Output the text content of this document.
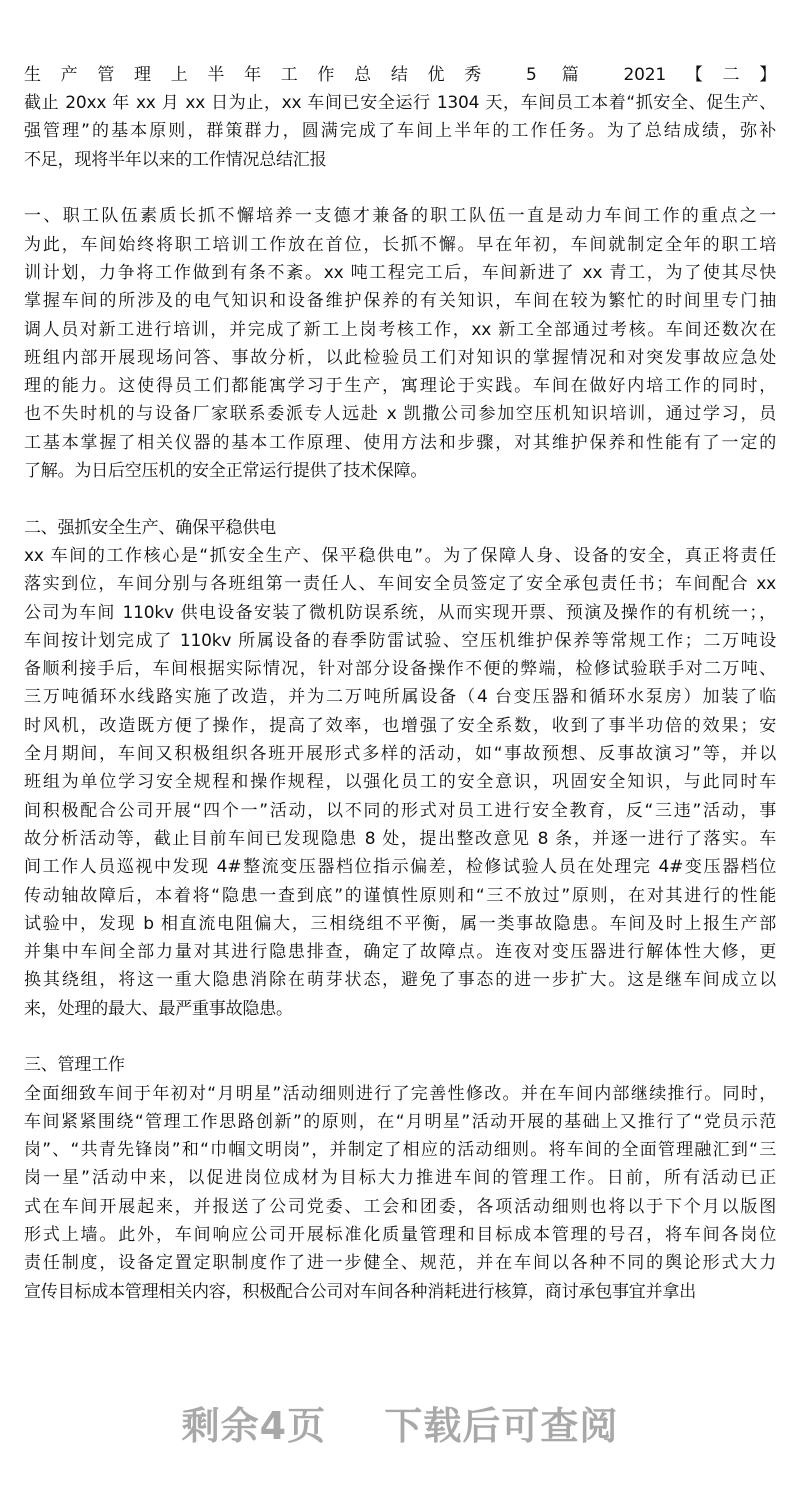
生产管理上半年工作总结优秀 5 篇 2021【二】
截止 20xx 年 xx 月 xx 日为止，xx 车间已安全运行 1304 天，车间员工本着“抓安全、促生产、
强管理”的基本原则，群策群力，圆满完成了车间上半年的工作任务。为了总结成绩，弥补
不足，现将半年以来的工作情况总结汇报
一、职工队伍素质长抓不懈培养一支德才兼备的职工队伍一直是动力车间工作的重点之一
为此，车间始终将职工培训工作放在首位，长抓不懈。早在年初，车间就制定全年的职工培
训计划，力争将工作做到有条不紊。xx 吨工程完工后，车间新进了 xx 青工，为了使其尽快
掌握车间的所涉及的电气知识和设备维护保养的有关知识，车间在较为繁忙的时间里专门抽
调人员对新工进行培训，并完成了新工上岗考核工作，xx 新工全部通过考核。车间还数次在
班组内部开展现场问答、事故分析，以此检验员工们对知识的掌握情况和对突发事故应急处
理的能力。这使得员工们都能寓学习于生产，寓理论于实践。车间在做好内培工作的同时，
也不失时机的与设备厂家联系委派专人远赴 x 凯撒公司参加空压机知识培训，通过学习，员
工基本掌握了相关仪器的基本工作原理、使用方法和步骤，对其维护保养和性能有了一定的
了解。为日后空压机的安全正常运行提供了技术保障。
二、强抓安全生产、确保平稳供电
xx 车间的工作核心是“抓安全生产、保平稳供电”。为了保障人身、设备的安全，真正将责任
落实到位，车间分别与各班组第一责任人、车间安全员签定了安全承包责任书；车间配合 xx
公司为车间 110kv 供电设备安装了微机防误系统，从而实现开票、预演及操作的有机统一；，
车间按计划完成了 110kv 所属设备的春季防雷试验、空压机维护保养等常规工作；二万吨设
备顺利接手后，车间根据实际情况，针对部分设备操作不便的弊端，检修试验联手对二万吨、
三万吨循环水线路实施了改造，并为二万吨所属设备（4 台变压器和循环水泵房）加装了临
时风机，改造既方便了操作，提高了效率，也增强了安全系数，收到了事半功倍的效果；安
全月期间，车间又积极组织各班开展形式多样的活动，如“事故预想、反事故演习”等，并以
班组为单位学习安全规程和操作规程，以强化员工的安全意识，巩固安全知识，与此同时车
间积极配合公司开展“四个一”活动，以不同的形式对员工进行安全教育，反“三违”活动，事
故分析活动等，截止目前车间已发现隐患 8 处，提出整改意见 8 条，并逐一进行了落实。车
间工作人员巡视中发现 4#整流变压器档位指示偏差，检修试验人员在处理完 4#变压器档位
传动轴故障后，本着将“隐患一查到底”的谨慎性原则和“三不放过”原则，在对其进行的性能
试验中，发现 b 相直流电阻偏大，三相绕组不平衡，属一类事故隐患。车间及时上报生产部
并集中车间全部力量对其进行隐患排查，确定了故障点。连夜对变压器进行解体性大修，更
换其绕组，将这一重大隐患消除在萌芽状态，避免了事态的进一步扩大。这是继车间成立以
来，处理的最大、最严重事故隐患。
三、管理工作
全面细致车间于年初对“月明星”活动细则进行了完善性修改。并在车间内部继续推行。同时，
车间紧紧围绕“管理工作思路创新”的原则，在“月明星”活动开展的基础上又推行了“党员示范
岗”、“共青先锋岗”和“巾帼文明岗”，并制定了相应的活动细则。将车间的全面管理融汇到“三
岗一星”活动中来，以促进岗位成材为目标大力推进车间的管理工作。日前，所有活动已正
式在车间开展起来，并报送了公司党委、工会和团委，各项活动细则也将以于下个月以版图
形式上墙。此外，车间响应公司开展标准化质量管理和目标成本管理的号召，将车间各岗位
责任制度，设备定置定职制度作了进一步健全、规范，并在车间以各种不同的舆论形式大力
宣传目标成本管理相关内容，积极配合公司对车间各种消耗进行核算，商讨承包事宜并拿出
剩余4页 下载后可查阅
